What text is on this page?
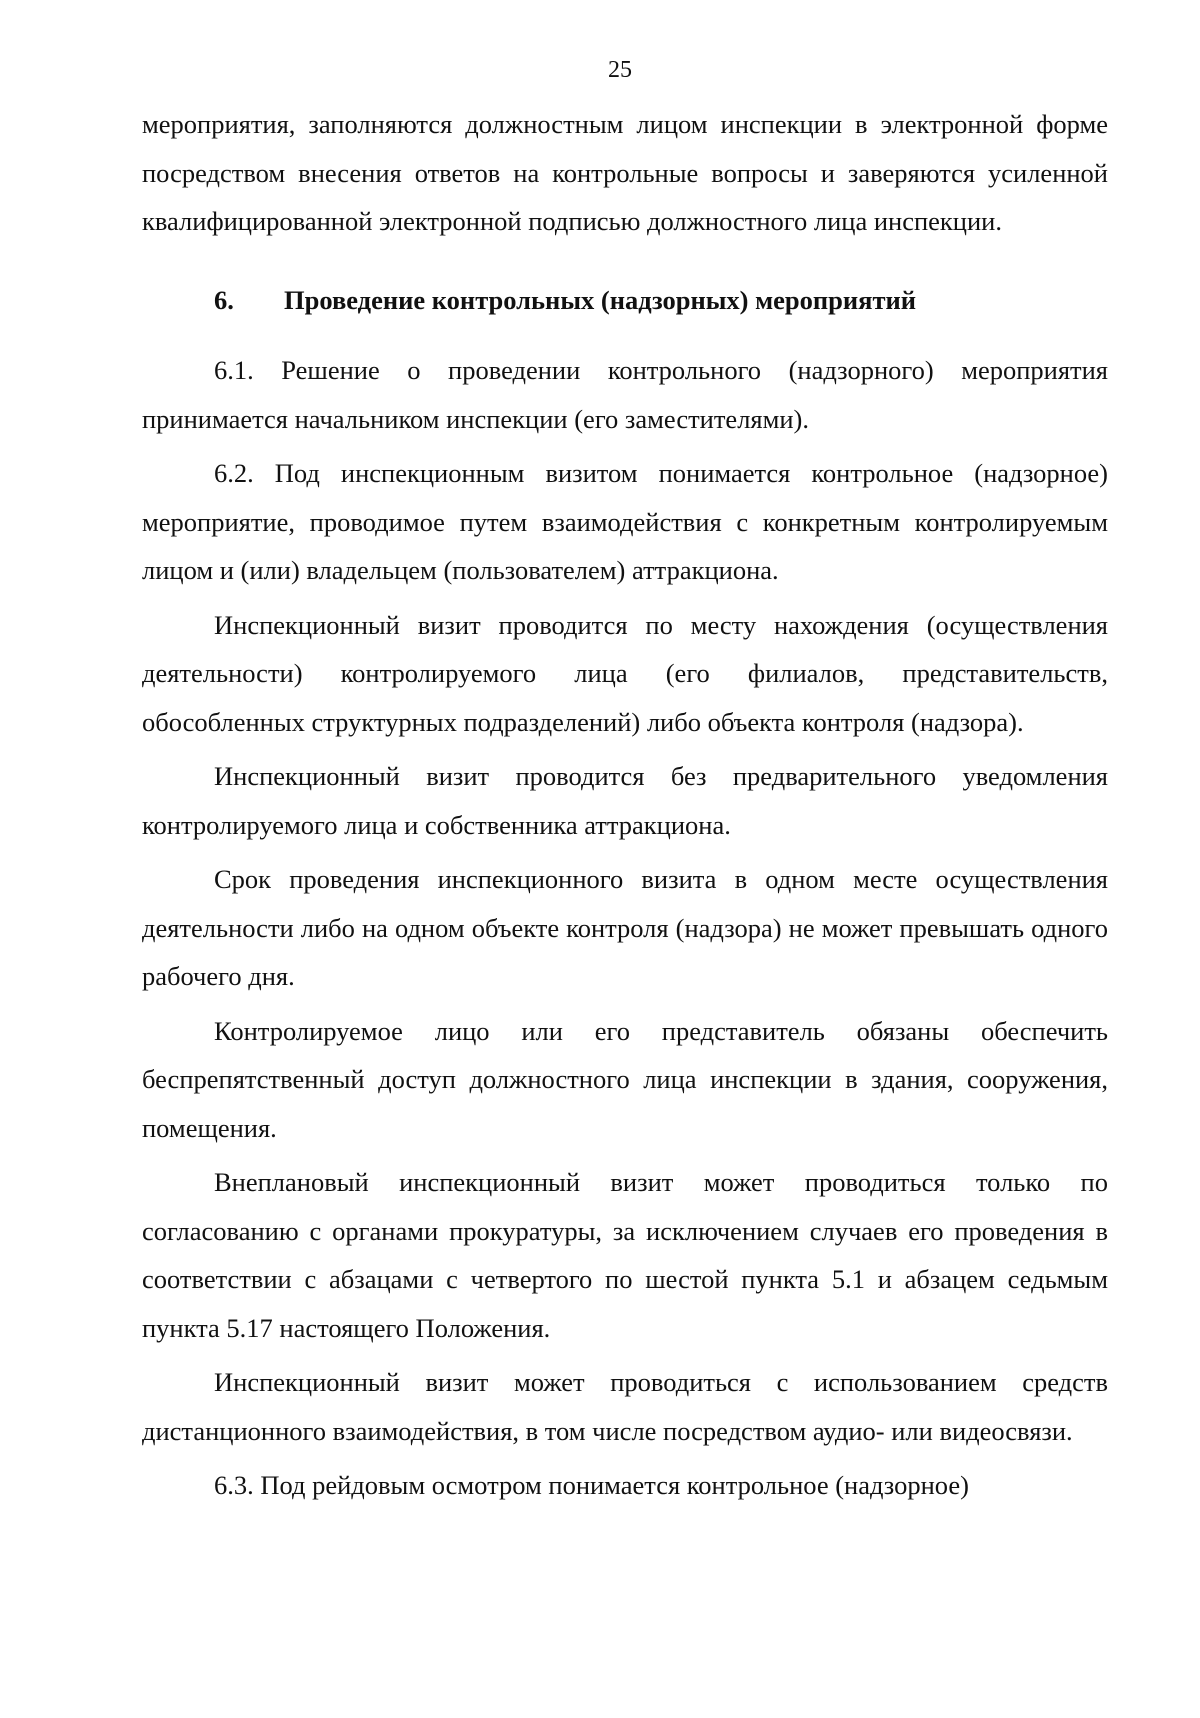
25

мероприятия, заполняются должностным лицом инспекции в электронной форме посредством внесения ответов на контрольные вопросы и заверяются усиленной квалифицированной электронной подписью должностного лица инспекции.

6.	Проведение контрольных (надзорных) мероприятий

6.1. Решение о проведении контрольного (надзорного) мероприятия принимается начальником инспекции (его заместителями).

6.2. Под инспекционным визитом понимается контрольное (надзорное) мероприятие, проводимое путем взаимодействия с конкретным контролируемым лицом и (или) владельцем (пользователем) аттракциона.

Инспекционный визит проводится по месту нахождения (осуществления деятельности) контролируемого лица (его филиалов, представительств, обособленных структурных подразделений) либо объекта контроля (надзора).

Инспекционный визит проводится без предварительного уведомления контролируемого лица и собственника аттракциона.

Срок проведения инспекционного визита в одном месте осуществления деятельности либо на одном объекте контроля (надзора) не может превышать одного рабочего дня.

Контролируемое лицо или его представитель обязаны обеспечить беспрепятственный доступ должностного лица инспекции в здания, сооружения, помещения.

Внеплановый инспекционный визит может проводиться только по согласованию с органами прокуратуры, за исключением случаев его проведения в соответствии с абзацами с четвертого по шестой пункта 5.1 и абзацем седьмым пункта 5.17 настоящего Положения.

Инспекционный визит может проводиться с использованием средств дистанционного взаимодействия, в том числе посредством аудио- или видеосвязи.

6.3. Под рейдовым осмотром понимается контрольное (надзорное)
